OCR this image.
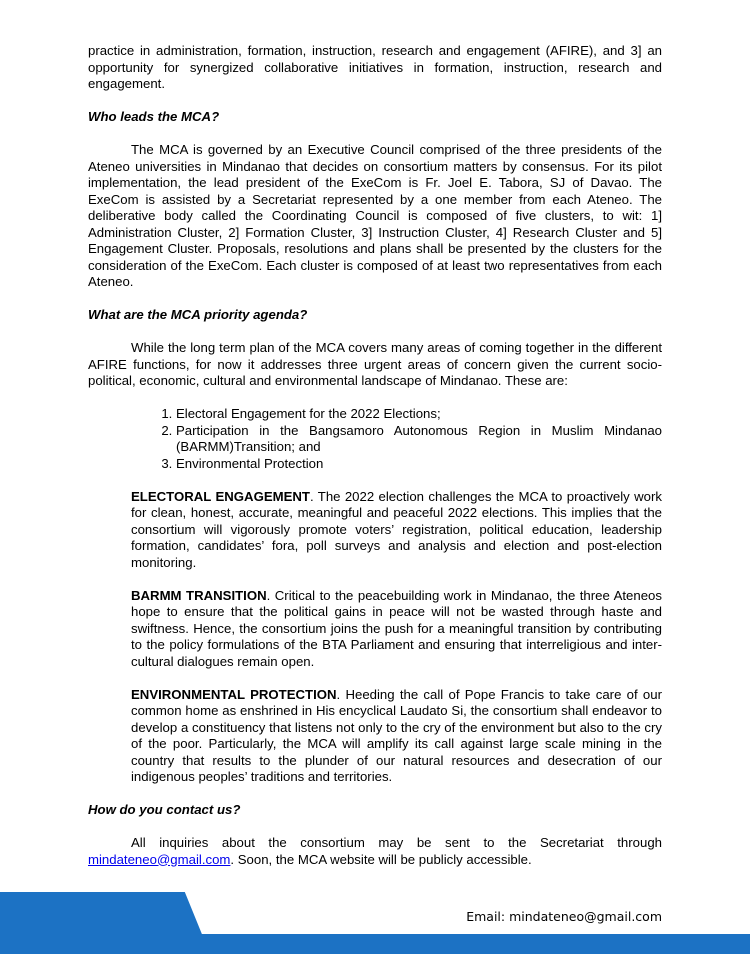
practice in administration, formation, instruction, research and engagement (AFIRE), and 3] an opportunity for synergized collaborative initiatives in formation, instruction, research and engagement.

Who leads the MCA?

The MCA is governed by an Executive Council comprised of the three presidents of the Ateneo universities in Mindanao that decides on consortium matters by consensus. For its pilot implementation, the lead president of the ExeCom is Fr. Joel E. Tabora, SJ of Davao. The ExeCom is assisted by a Secretariat represented by a one member from each Ateneo. The deliberative body called the Coordinating Council is composed of five clusters, to wit: 1] Administration Cluster, 2] Formation Cluster, 3] Instruction Cluster, 4] Research Cluster and 5] Engagement Cluster. Proposals, resolutions and plans shall be presented by the clusters for the consideration of the ExeCom. Each cluster is composed of at least two representatives from each Ateneo.

What are the MCA priority agenda?

While the long term plan of the MCA covers many areas of coming together in the different AFIRE functions, for now it addresses three urgent areas of concern given the current socio-political, economic, cultural and environmental landscape of Mindanao. These are:

1. Electoral Engagement for the 2022 Elections;
2. Participation in the Bangsamoro Autonomous Region in Muslim Mindanao (BARMM)Transition; and
3. Environmental Protection

ELECTORAL ENGAGEMENT. The 2022 election challenges the MCA to proactively work for clean, honest, accurate, meaningful and peaceful 2022 elections. This implies that the consortium will vigorously promote voters’ registration, political education, leadership formation, candidates’ fora, poll surveys and analysis and election and post-election monitoring.

BARMM TRANSITION. Critical to the peacebuilding work in Mindanao, the three Ateneos hope to ensure that the political gains in peace will not be wasted through haste and swiftness. Hence, the consortium joins the push for a meaningful transition by contributing to the policy formulations of the BTA Parliament and ensuring that interreligious and inter-cultural dialogues remain open.

ENVIRONMENTAL PROTECTION. Heeding the call of Pope Francis to take care of our common home as enshrined in His encyclical Laudato Si, the consortium shall endeavor to develop a constituency that listens not only to the cry of the environment but also to the cry of the poor. Particularly, the MCA will amplify its call against large scale mining in the country that results to the plunder of our natural resources and desecration of our indigenous peoples’ traditions and territories.

How do you contact us?

All inquiries about the consortium may be sent to the Secretariat through mindateneo@gmail.com. Soon, the MCA website will be publicly accessible.

Email: mindateneo@gmail.com
